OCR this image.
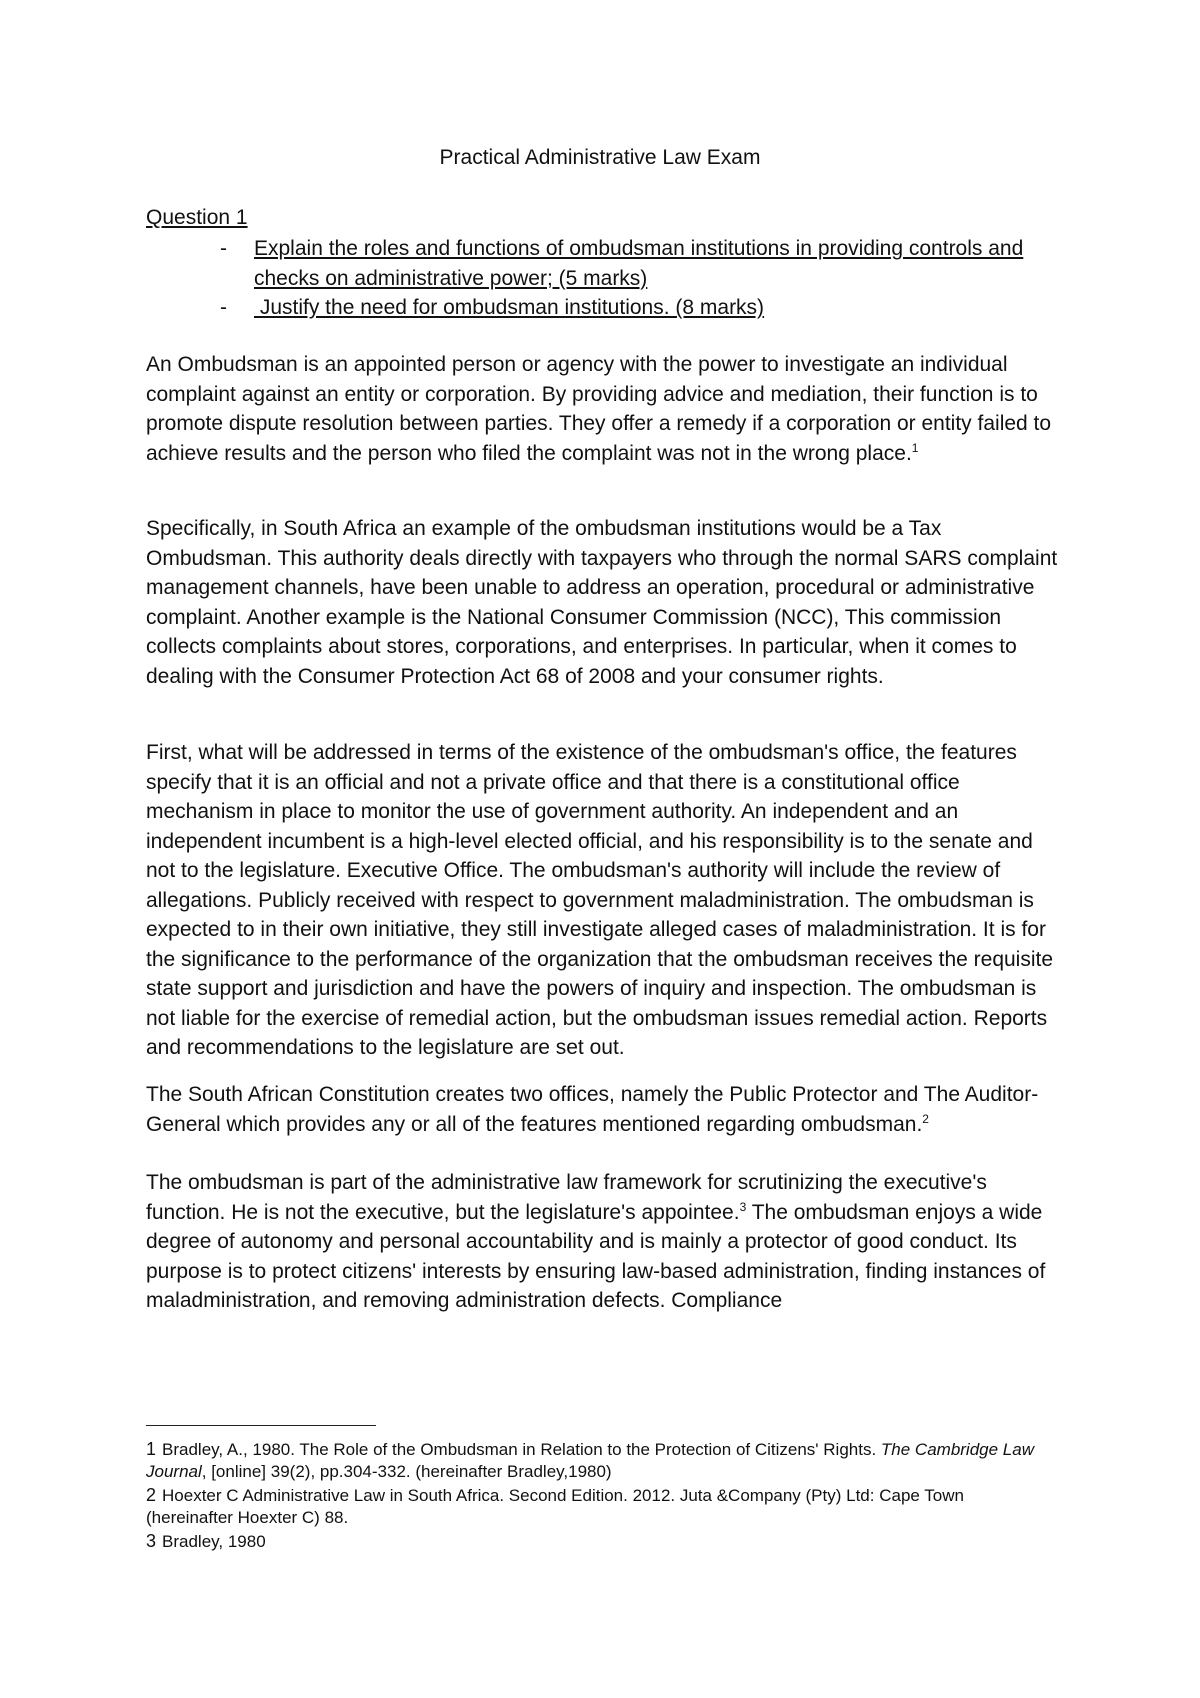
Practical Administrative Law Exam
Question 1
- Explain the roles and functions of ombudsman institutions in providing controls and checks on administrative power; (5 marks)
- Justify the need for ombudsman institutions. (8 marks)

An Ombudsman is an appointed person or agency with the power to investigate an individual complaint against an entity or corporation. By providing advice and mediation, their function is to promote dispute resolution between parties. They offer a remedy if a corporation or entity failed to achieve results and the person who filed the complaint was not in the wrong place.$^1$

Specifically, in South Africa an example of the ombudsman institutions would be a Tax Ombudsman. This authority deals directly with taxpayers who through the normal SARS complaint management channels, have been unable to address an operation, procedural or administrative complaint. Another example is the National Consumer Commission (NCC), This commission collects complaints about stores, corporations, and enterprises. In particular, when it comes to dealing with the Consumer Protection Act 68 of 2008 and your consumer rights.

First, what will be addressed in terms of the existence of the ombudsman's office, the features specify that it is an official and not a private office and that there is a constitutional office mechanism in place to monitor the use of government authority. An independent and an independent incumbent is a high-level elected official, and his responsibility is to the senate and not to the legislature. Executive Office. The ombudsman's authority will include the review of allegations. Publicly received with respect to government maladministration. The ombudsman is expected to in their own initiative, they still investigate alleged cases of maladministration. It is for the significance to the performance of the organization that the ombudsman receives the requisite state support and jurisdiction and have the powers of inquiry and inspection. The ombudsman is not liable for the exercise of remedial action, but the ombudsman issues remedial action. Reports and recommendations to the legislature are set out.

The South African Constitution creates two offices, namely the Public Protector and The Auditor-General which provides any or all of the features mentioned regarding ombudsman.$^2$

The ombudsman is part of the administrative law framework for scrutinizing the executive's function. He is not the executive, but the legislature's appointee.$^3$ The ombudsman enjoys a wide degree of autonomy and personal accountability and is mainly a protector of good conduct. Its purpose is to protect citizens' interests by ensuring law-based administration, finding instances of maladministration, and removing administration defects. Compliance

1 Bradley, A., 1980. The Role of the Ombudsman in Relation to the Protection of Citizens' Rights. The Cambridge Law Journal, [online] 39(2), pp.304-332. (hereinafter Bradley,1980)

2 Hoexter C Administrative Law in South Africa. Second Edition. 2012. Juta &Company (Pty) Ltd: Cape Town (hereinafter Hoexter C) 88.

3 Bradley, 1980
